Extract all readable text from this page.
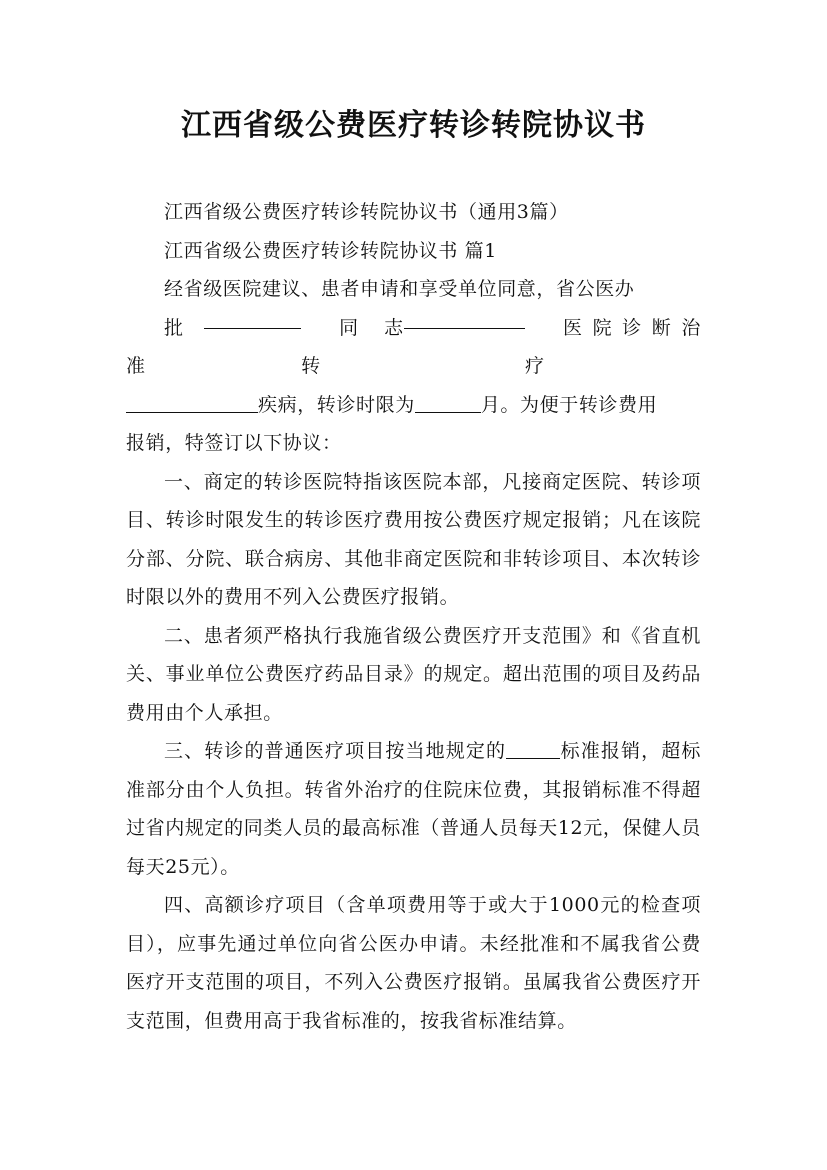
江西省级公费医疗转诊转院协议书

江西省级公费医疗转诊转院协议书（通用3篇）

江西省级公费医疗转诊转院协议书 篇1

经省级医院建议、患者申请和享受单位同意，省公医办

批 准
同 志 转
医 院 诊 断 治 疗

疾病，转诊时限为	月。为便于转诊费用

报销，特签订以下协议：

一、商定的转诊医院特指该医院本部，凡接商定医院、转诊项目、转诊时限发生的转诊医疗费用按公费医疗规定报销；凡在该院分部、分院、联合病房、其他非商定医院和非转诊项目、本次转诊时限以外的费用不列入公费医疗报销。

二、患者须严格执行我施省级公费医疗开支范围》和《省直机关、事业单位公费医疗药品目录》的规定。超出范围的项目及药品费用由个人承担。

三、转诊的普通医疗项目按当地规定的	标准报销，超标准部分由个人负担。转省外治疗的住院床位费，其报销标准不得超过省内规定的同类人员的最高标准（普通人员每天12元，保健人员每天25元）。

四、高额诊疗项目（含单项费用等于或大于1000元的检查项目），应事先通过单位向省公医办申请。未经批准和不属我省公费医疗开支范围的项目，不列入公费医疗报销。虽属我省公费医疗开支范围，但费用高于我省标准的，按我省标准结算。
